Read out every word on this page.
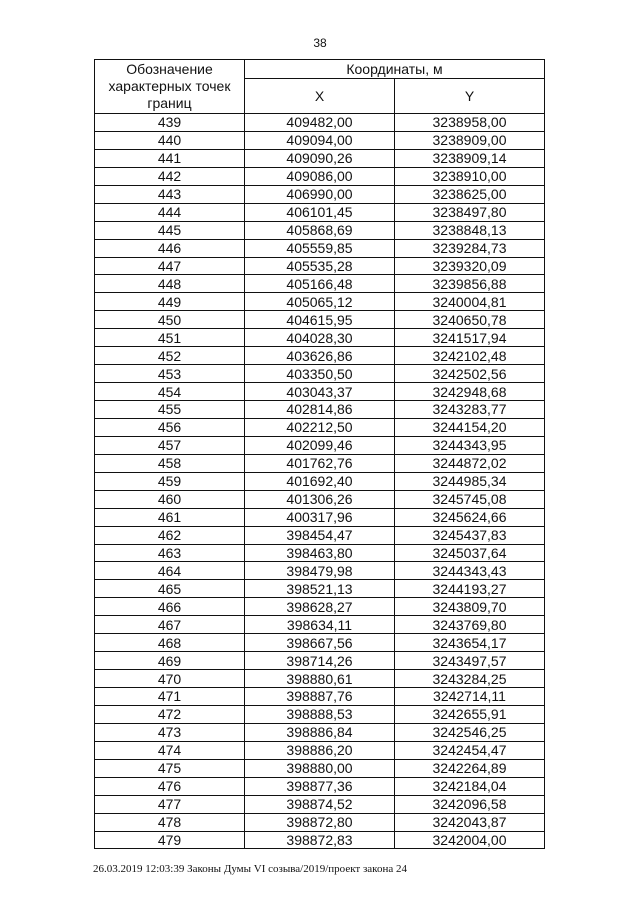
38
Обозначение характерных точек границ	Координаты, м	
	X	Y
439	409482,00	3238958,00
440	409094,00	3238909,00
441	409090,26	3238909,14
442	409086,00	3238910,00
443	406990,00	3238625,00
444	406101,45	3238497,80
445	405868,69	3238848,13
446	405559,85	3239284,73
447	405535,28	3239320,09
448	405166,48	3239856,88
449	405065,12	3240004,81
450	404615,95	3240650,78
451	404028,30	3241517,94
452	403626,86	3242102,48
453	403350,50	3242502,56
454	403043,37	3242948,68
455	402814,86	3243283,77
456	402212,50	3244154,20
457	402099,46	3244343,95
458	401762,76	3244872,02
459	401692,40	3244985,34
460	401306,26	3245745,08
461	400317,96	3245624,66
462	398454,47	3245437,83
463	398463,80	3245037,64
464	398479,98	3244343,43
465	398521,13	3244193,27
466	398628,27	3243809,70
467	398634,11	3243769,80
468	398667,56	3243654,17
469	398714,26	3243497,57
470	398880,61	3243284,25
471	398887,76	3242714,11
472	398888,53	3242655,91
473	398886,84	3242546,25
474	398886,20	3242454,47
475	398880,00	3242264,89
476	398877,36	3242184,04
477	398874,52	3242096,58
478	398872,80	3242043,87
479	398872,83	3242004,00
26.03.2019 12:03:39 Законы Думы VI созыва/2019/проект закона 24
